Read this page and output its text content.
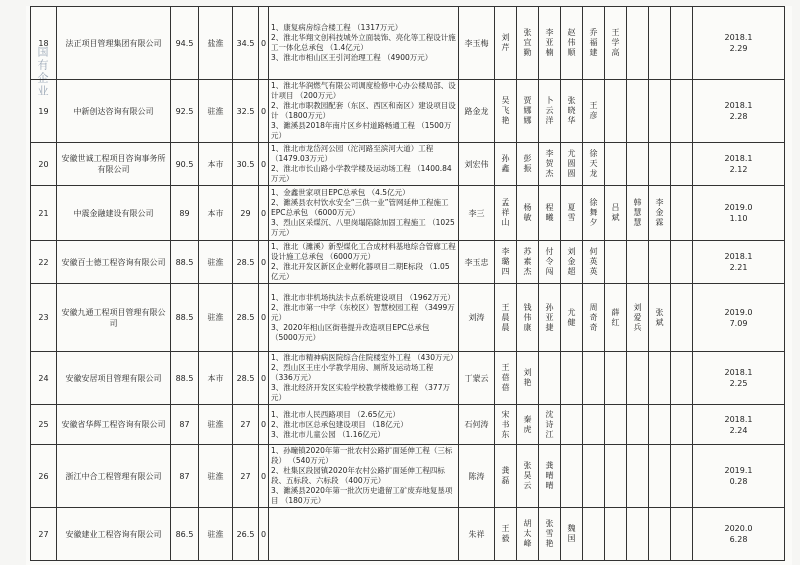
国有企业
18	法正项目管理集团有限公司	94.5	盐淮	34.5	0	1、康复病房综合楼工程 （1317万元）
2、淮北华翔文创科技城外立面装饰、亮化等工程设计施工一体化总承包 （1.4亿元）
3、淮北市相山区王引河治理工程 （4900万元）	李玉梅	刘芹	张宜勤	李亚楠	赵伟顺	乔福建	王学高				2018.12.29
19	中新创达咨询有限公司	92.5	驻淮	32.5	0	1、淮北华润燃气有限公司调度检修中心办公楼局部、设计项目 （200万元）
2、淮北市职教园配套（东区、西区和南区）建设项目设计 （1800万元）
3、濉溪县2018年南片区乡村道路畅通工程 （1500万元）	路金龙	吴飞艳	贾娜娜	卜云洋	张晓华	王彦					2018.12.28
20	安徽世诚工程项目咨询事务所有限公司	90.5	本市	30.5	0	1、淮北市龙岱河公园（沱河路至滨河大道）工程 （1479.03万元）
2、淮北市长山路小学教学楼及运动场工程 （1400.84万元）	刘宏伟	孙鑫	彭振	李贺杰	尤圆圆	徐天龙					2018.12.12
21	中震金融建设有限公司	89	本市	29	0	1、金鑫世家项目EPC总承包 （4.5亿元）
2、濉溪县农村饮水安全“三供一业”管网延伸工程施工EPC总承包 （6000万元）
3、烈山区采煤沉、八里岗塌陷除加固工程施工 （1025万元）	李三	孟祥山	杨敏	程曦	夏雪	徐舞夕	吕斌	韩慧慧	李金霖		2019.01.10
22	安徽百士德工程咨询有限公司	88.5	驻淮	28.5	0	1、淮北（濉溪）新型煤化工合成材料基地综合管廊工程设计施工总承包 （6000万元）
2、淮北开发区新区企业孵化器项目二期E标段 （1.05亿元）	李玉忠	李璐四	苏素杰	付令闯	刘金超	何英英					2018.12.21
23	安徽九通工程项目管理有限公司	88.5	驻淮	28.5	0	1、淮北市非机场执法卡点系统建设项目 （1962万元）
2、淮北市第一中学（东校区）智慧校园工程 （3499万元）
3、2020年相山区街巷提升改造项目EPC总承包 （5000万元）	刘涛	王晨晨	钱伟康	孙亚捷	尤健	周奇奇	薛红	刘爱兵	张斌		2019.07.09
24	安徽安居项目管理有限公司	88.5	本市	28.5	0	1、淮北市精神病医院综合住院楼室外工程 （430万元）
2、烈山区王庄小学教学用房、厕所及运动场工程 （336万元）
3、淮北经济开发区实验学校教学楼维修工程 （377万元）	丁蒙云	王蓓蓓	刘艳								2018.12.25
25	安徽省华辉工程咨询有限公司	87	驻淮	27	0	1、淮北市人民西路项目 （2.65亿元）
2、淮北市区总承包建设项目 （18亿元）
3、淮北市儿童公园 （1.16亿元）	石何涛	宋书东	秦虎	沈诗江							2018.12.24
26	浙江中合工程管理有限公司	87	驻淮	27	0	1、孙疃镇2020年第一批农村公路扩面延伸工程（三标段） （540万元）
2、杜集区段园镇2020年农村公路扩面延伸工程四标段、五标段、六标段 （400万元）
3、濉溪县2020年第一批次历史遗留工矿废弃地复垦项目 （180万元）	陈涛	龚磊	张昊云	龚晴晴							2019.10.28
27	安徽建业工程咨询有限公司	86.5	驻淮	26.5	0		朱祥	王毅	胡太峰	张雪艳	魏国						2020.06.28
